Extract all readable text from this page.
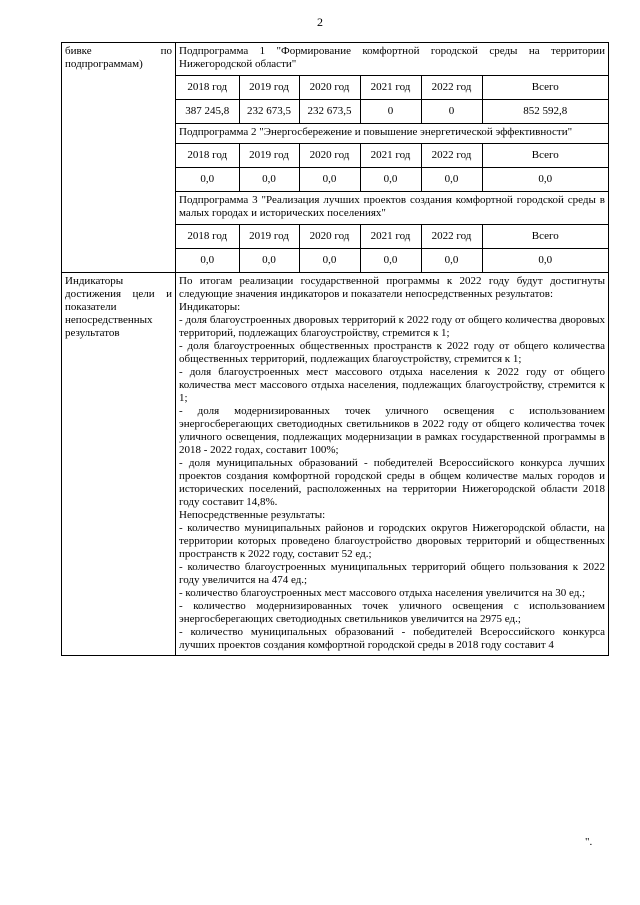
2
бивке по подпрограммам)

Подпрограмма 1 "Формирование комфортной городской среды на территории Нижегородской области"
2018 год	2019 год	2020 год	2021 год	2022 год	Всего
387 245,8	232 673,5	232 673,5	0	0	852 592,8
Подпрограмма 2 "Энергосбережение и повышение энергетической эффективности"
2018 год	2019 год	2020 год	2021 год	2022 год	Всего
0,0	0,0	0,0	0,0	0,0	0,0
Подпрограмма 3 "Реализация лучших проектов создания комфортной городской среды в малых городах и исторических поселениях"
2018 год	2019 год	2020 год	2021 год	2022 год	Всего
0,0	0,0	0,0	0,0	0,0	0,0

Индикаторы достижения цели и показатели непосредственных результатов

По итогам реализации государственной программы к 2022 году будут достигнуты следующие значения индикаторов и показатели непосредственных результатов:
Индикаторы:
- доля благоустроенных дворовых территорий к 2022 году от общего количества дворовых территорий, подлежащих благоустройству, стремится к 1;
- доля благоустроенных общественных пространств к 2022 году от общего количества общественных территорий, подлежащих благоустройству, стремится к 1;
- доля благоустроенных мест массового отдыха населения к 2022 году от общего количества мест массового отдыха населения, подлежащих благоустройству, стремится к 1;
- доля модернизированных точек уличного освещения с использованием энергосберегающих светодиодных светильников в 2022 году от общего количества точек уличного освещения, подлежащих модернизации в рамках государственной программы в 2018 - 2022 годах, составит 100%;
- доля муниципальных образований - победителей Всероссийского конкурса лучших проектов создания комфортной городской среды в общем количестве малых городов и исторических поселений, расположенных на территории Нижегородской области 2018 году составит 14,8%.
Непосредственные результаты:
- количество муниципальных районов и городских округов Нижегородской области, на территории которых проведено благоустройство дворовых территорий и общественных пространств к 2022 году, составит 52 ед.;
- количество благоустроенных муниципальных территорий общего пользования к 2022 году увеличится на 474 ед.;
- количество благоустроенных мест массового отдыха населения увеличится на 30 ед.;
- количество модернизированных точек уличного освещения с использованием энергосберегающих светодиодных светильников увеличится на 2975 ед.;
- количество муниципальных образований - победителей Всероссийского конкурса лучших проектов создания комфортной городской среды в 2018 году составит 4
".
